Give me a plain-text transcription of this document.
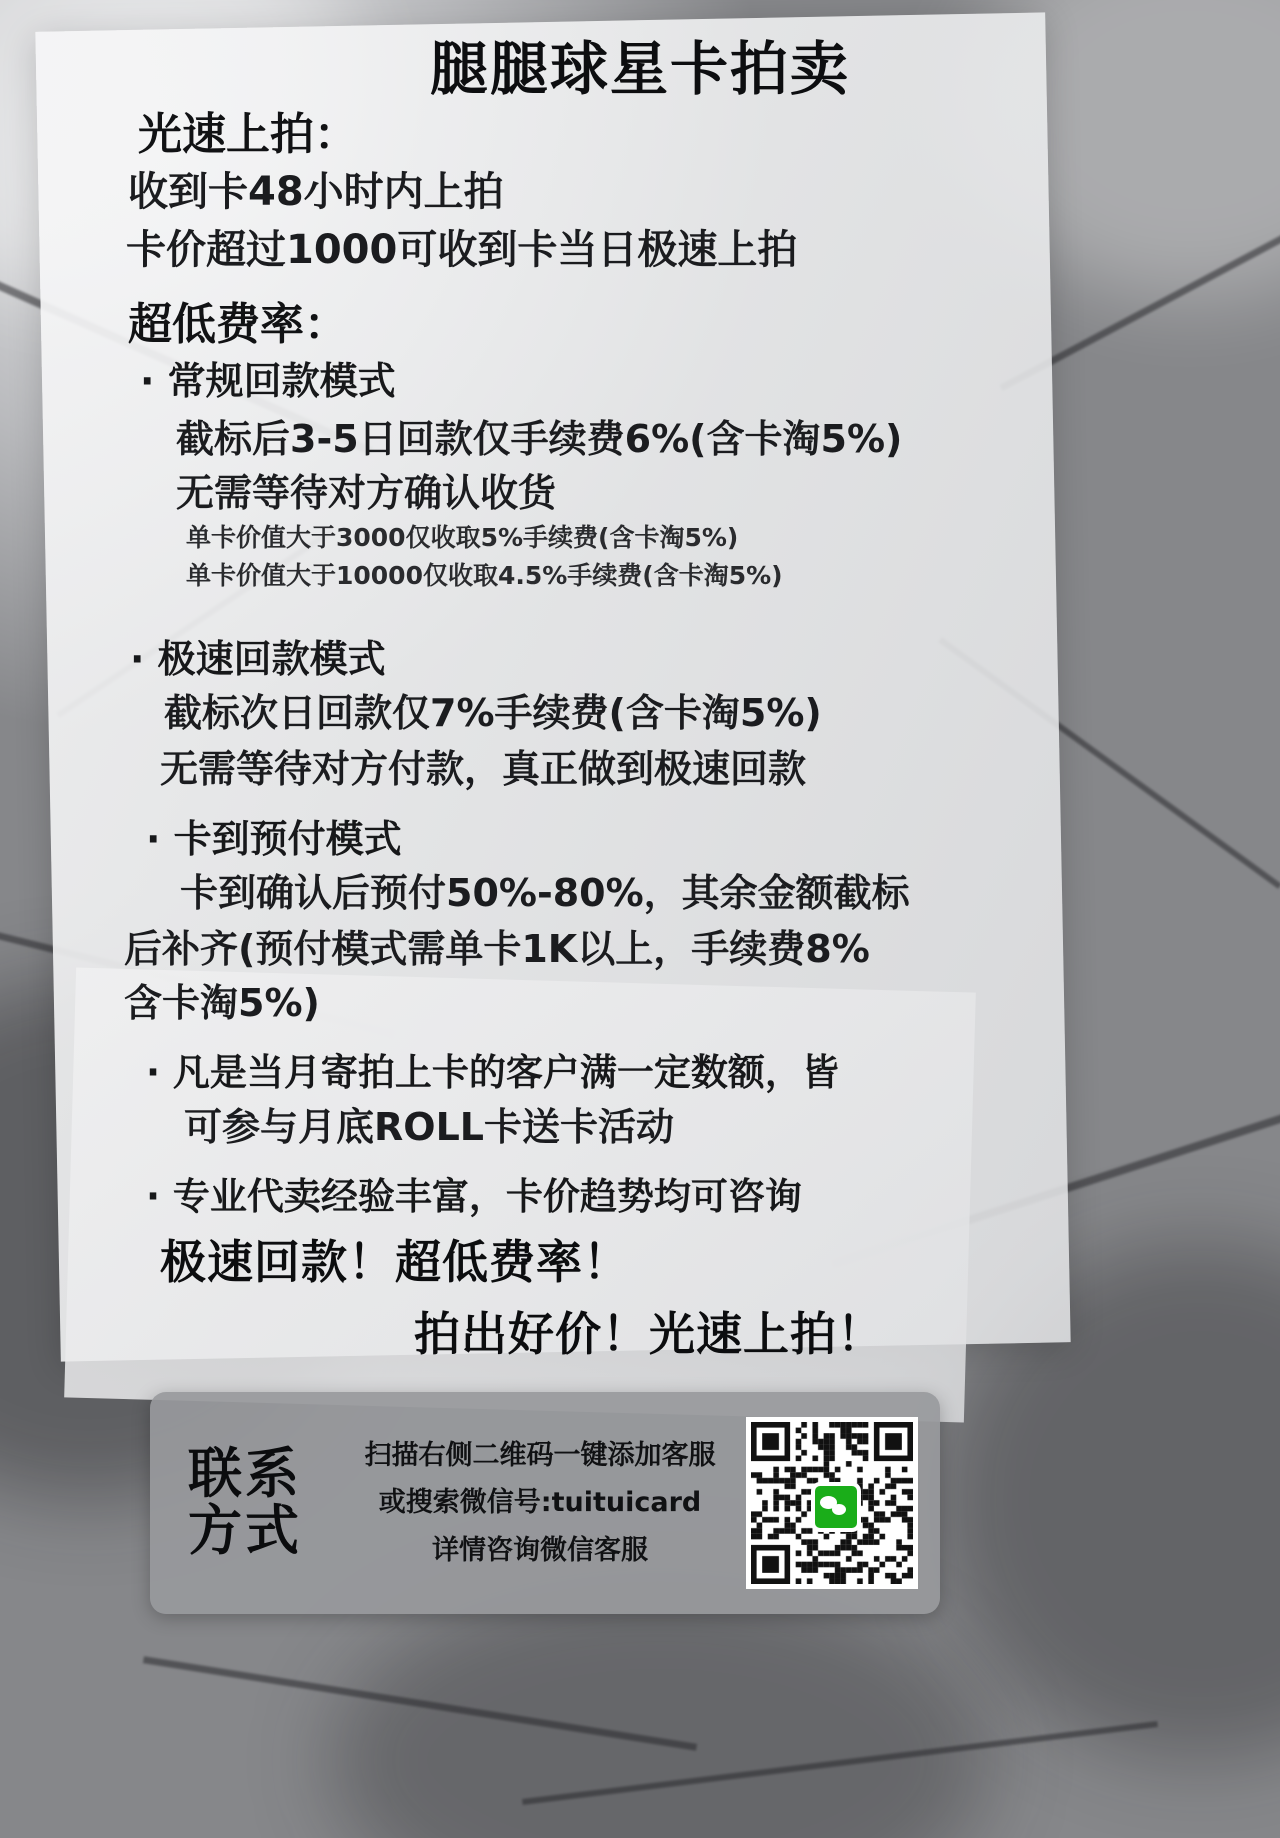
腿腿球星卡拍卖
光速上拍：
收到卡48小时内上拍
卡价超过1000可收到卡当日极速上拍
超低费率：
· 常规回款模式
截标后3-5日回款仅手续费6%(含卡淘5%)
无需等待对方确认收货
单卡价值大于3000仅收取5%手续费(含卡淘5%)
单卡价值大于10000仅收取4.5%手续费(含卡淘5%)
· 极速回款模式
截标次日回款仅7%手续费(含卡淘5%)
无需等待对方付款，真正做到极速回款
· 卡到预付模式
卡到确认后预付50%-80%，其余金额截标
后补齐(预付模式需单卡1K以上，手续费8%
含卡淘5%)
· 凡是当月寄拍上卡的客户满一定数额，皆
可参与月底ROLL卡送卡活动
· 专业代卖经验丰富，卡价趋势均可咨询
极速回款！超低费率！
拍出好价！光速上拍！
联系
方式
扫描右侧二维码一键添加客服
或搜索微信号:tuituicard
详情咨询微信客服
